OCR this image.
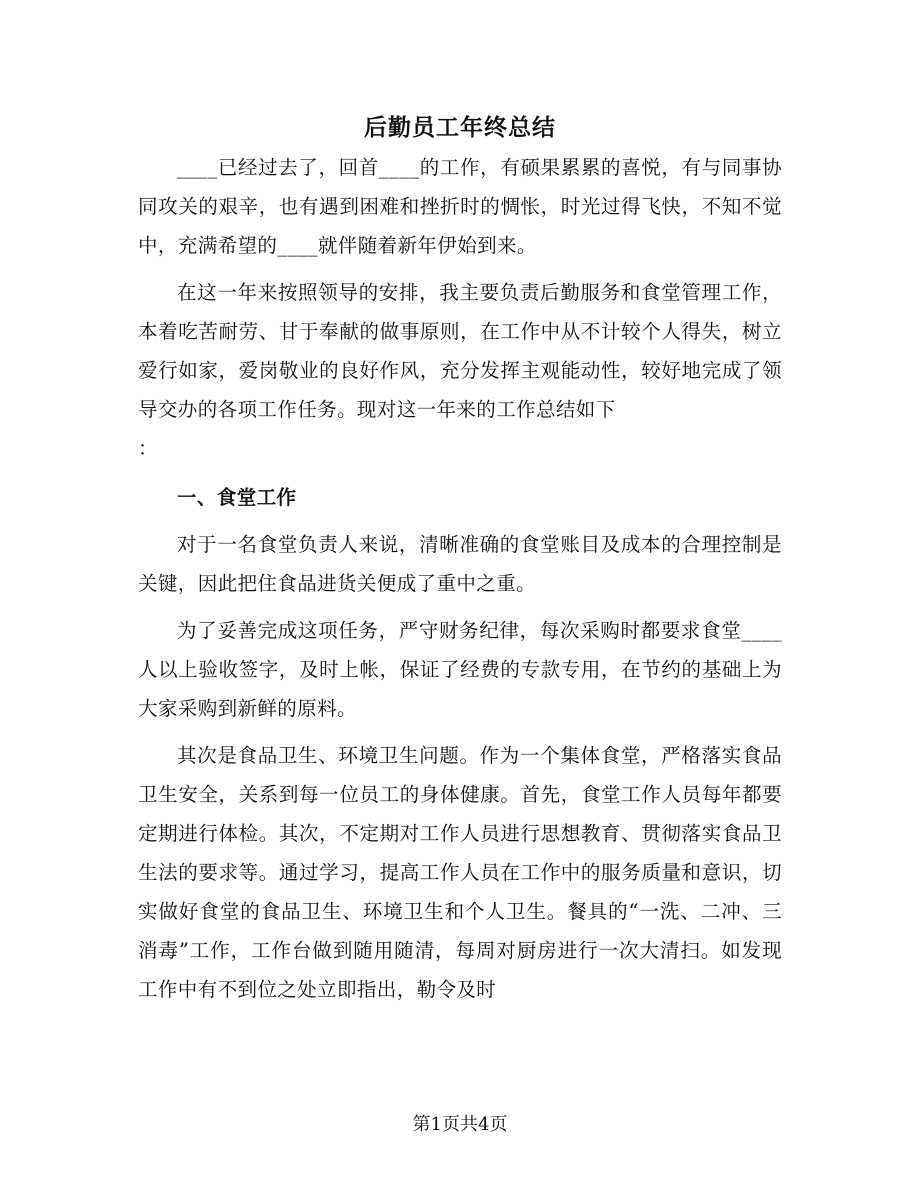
后勤员工年终总结

____已经过去了，回首____的工作，有硕果累累的喜悦，有与同事协同攻关的艰辛，也有遇到困难和挫折时的惆怅，时光过得飞快，不知不觉中，充满希望的____就伴随着新年伊始到来。

在这一年来按照领导的安排，我主要负责后勤服务和食堂管理工作，本着吃苦耐劳、甘于奉献的做事原则，在工作中从不计较个人得失，树立爱行如家，爱岗敬业的良好作风，充分发挥主观能动性，较好地完成了领导交办的各项工作任务。现对这一年来的工作总结如下

：

一、食堂工作

对于一名食堂负责人来说，清晰准确的食堂账目及成本的合理控制是关键，因此把住食品进货关便成了重中之重。

为了妥善完成这项任务，严守财务纪律，每次采购时都要求食堂____人以上验收签字，及时上帐，保证了经费的专款专用，在节约的基础上为大家采购到新鲜的原料。

其次是食品卫生、环境卫生问题。作为一个集体食堂，严格落实食品卫生安全，关系到每一位员工的身体健康。首先，食堂工作人员每年都要定期进行体检。其次，不定期对工作人员进行思想教育、贯彻落实食品卫生法的要求等。通过学习，提高工作人员在工作中的服务质量和意识，切实做好食堂的食品卫生、环境卫生和个人卫生。餐具的“一洗、二冲、三消毒”工作，工作台做到随用随清，每周对厨房进行一次大清扫。如发现工作中有不到位之处立即指出，勒令及时

第1页共4页
